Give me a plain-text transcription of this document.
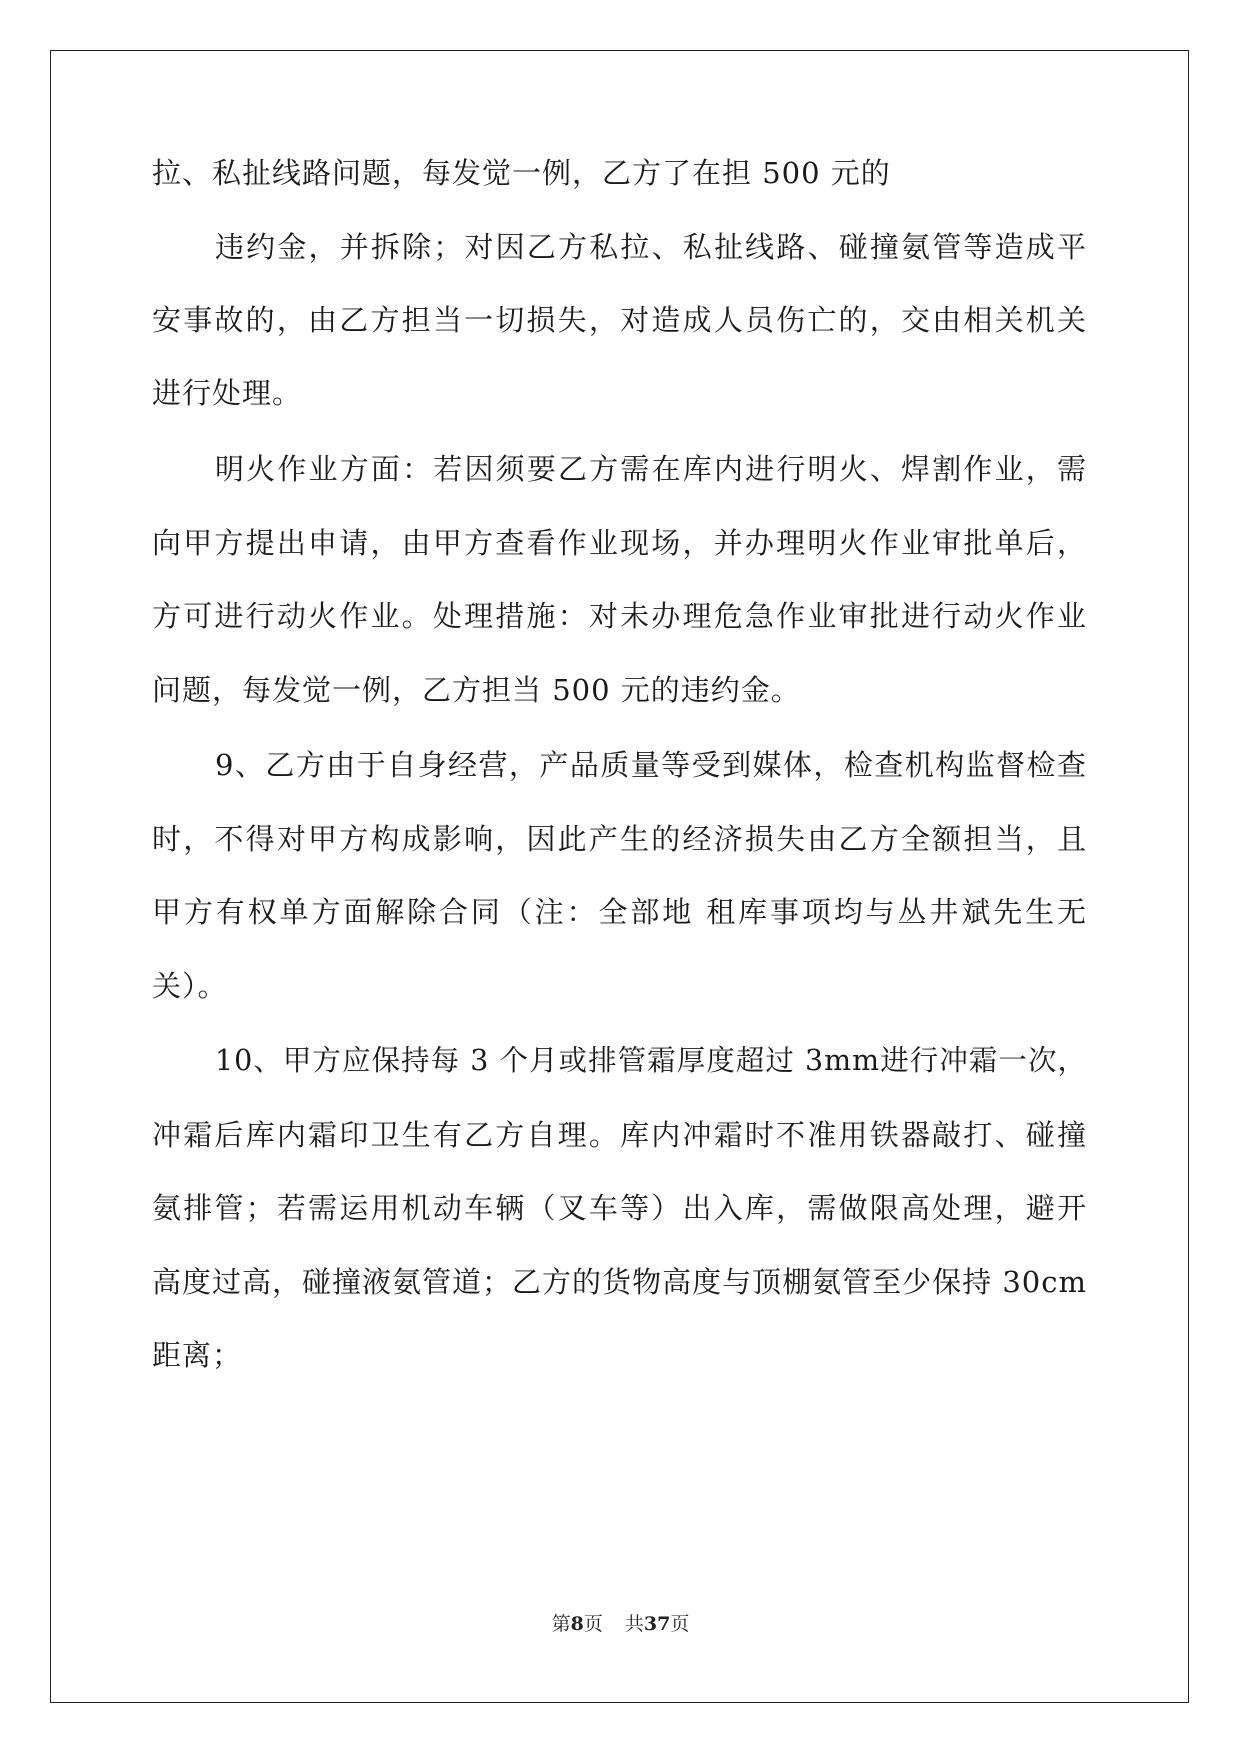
拉、私扯线路问题，每发觉一例，乙方了在担 500 元的
违约金，并拆除；对因乙方私拉、私扯线路、碰撞氨管等造成平
安事故的，由乙方担当一切损失，对造成人员伤亡的，交由相关机关
进行处理。
明火作业方面：若因须要乙方需在库内进行明火、焊割作业，需
向甲方提出申请，由甲方查看作业现场，并办理明火作业审批单后，
方可进行动火作业。处理措施：对未办理危急作业审批进行动火作业
问题，每发觉一例，乙方担当 500 元的违约金。
9、乙方由于自身经营，产品质量等受到媒体，检查机构监督检查
时，不得对甲方构成影响，因此产生的经济损失由乙方全额担当，且
甲方有权单方面解除合同（注：全部地 租库事项均与丛井斌先生无
关）。
10、甲方应保持每 3 个月或排管霜厚度超过 3mm进行冲霜一次，
冲霜后库内霜印卫生有乙方自理。库内冲霜时不准用铁器敲打、碰撞
氨排管；若需运用机动车辆（叉车等）出入库，需做限高处理，避开
高度过高，碰撞液氨管道；乙方的货物高度与顶棚氨管至少保持 30cm
距离；
第8页 共37页
